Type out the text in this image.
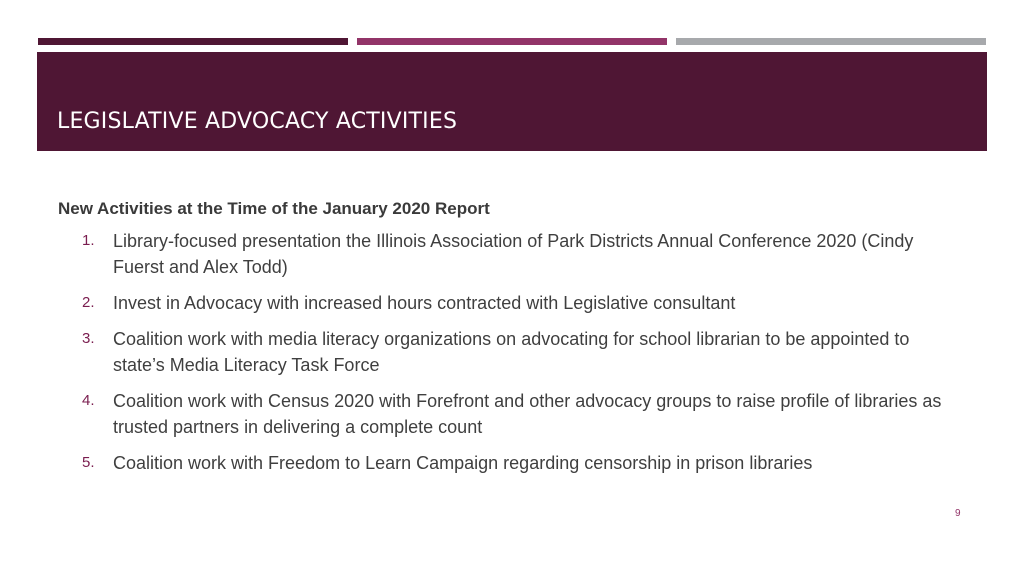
LEGISLATIVE ADVOCACY ACTIVITIES
New Activities at the Time of the January 2020 Report
1. Library-focused presentation the Illinois Association of Park Districts Annual Conference 2020 (Cindy Fuerst and Alex Todd)
2. Invest in Advocacy with increased hours contracted with Legislative consultant
3. Coalition work with media literacy organizations on advocating for school librarian to be appointed to state’s Media Literacy Task Force
4. Coalition work with Census 2020 with Forefront and other advocacy groups to raise profile of libraries as trusted partners in delivering a complete count
5. Coalition work with Freedom to Learn Campaign regarding censorship in prison libraries
9
